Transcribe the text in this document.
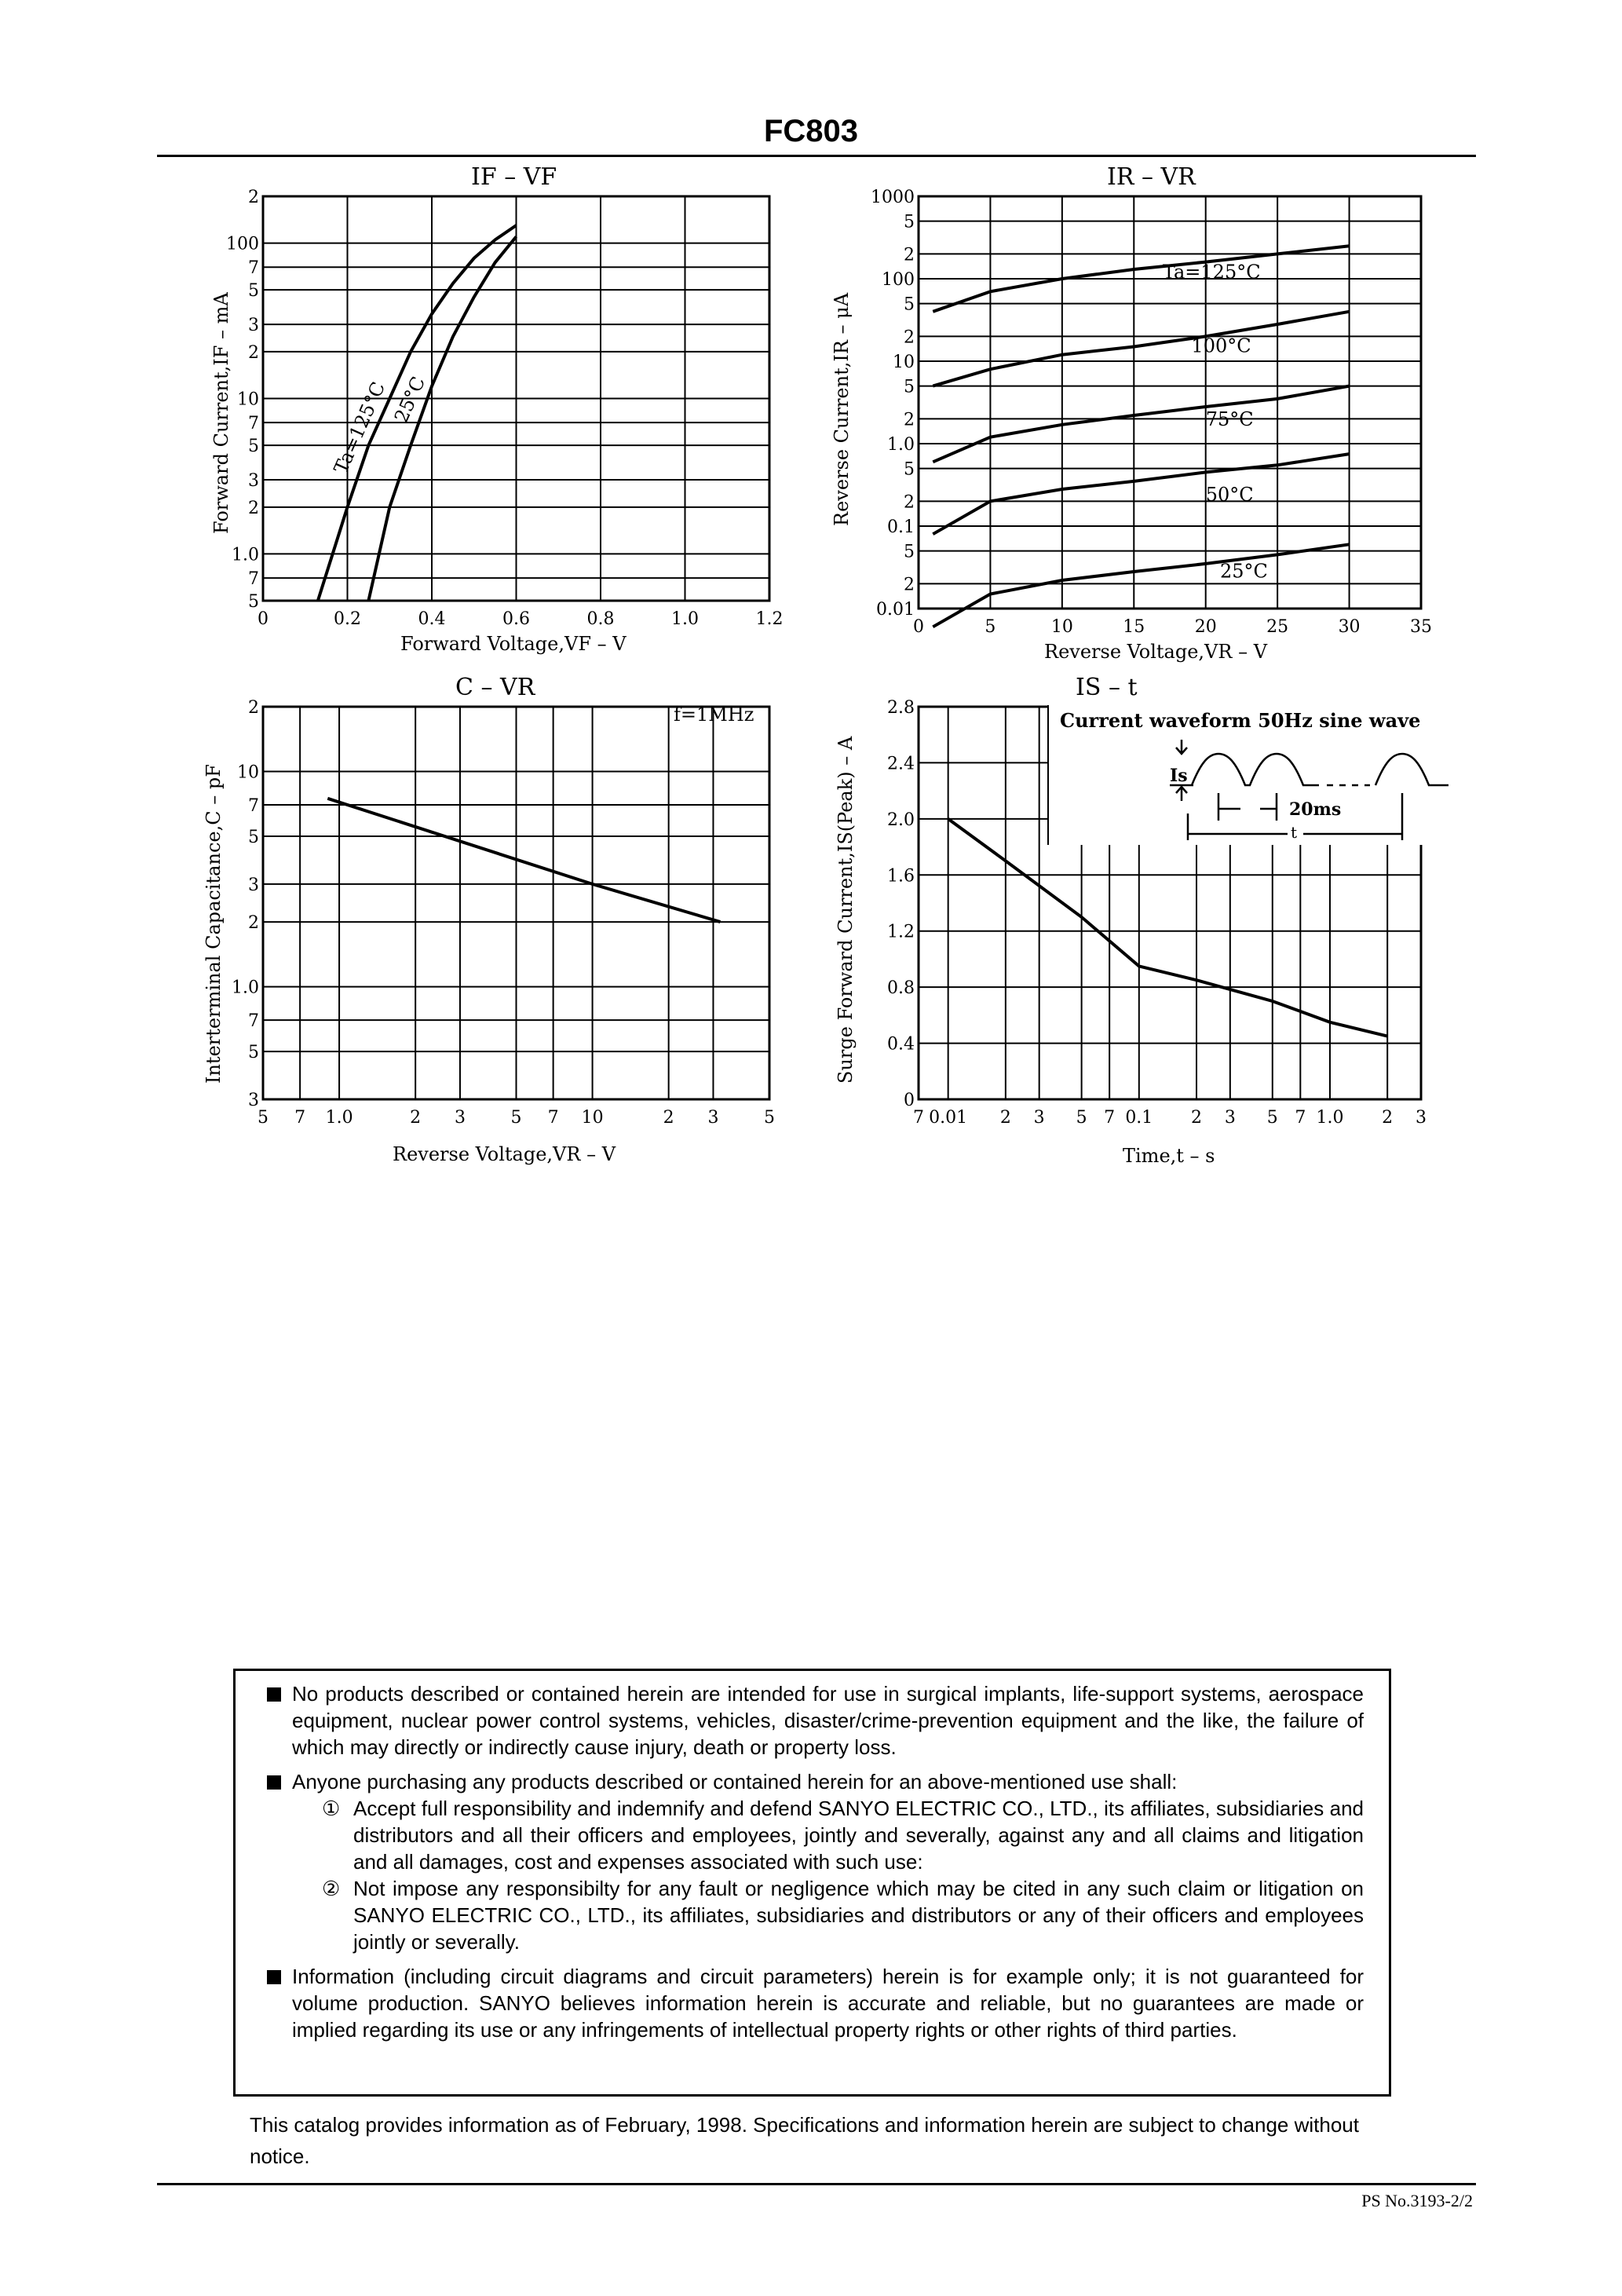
FC803
0	0.2	0.4	0.6	0.8	1.0	1.2
2
100
7
5
3
2
10
7
5
3
2
1.0
7
5
IF – VF
Forward Voltage,VF – V
Forward Current,IF – mA	Ta=125°C 25°C
0	5	10	15	20	25	30	35
1000
5
2
100
5
2
10
5
2
1.0
5
2
0.1
5
2
0.01
IR – VR
Reverse Voltage,VR – V
Reverse Current,IR – μA
Ta=125°C
100°C
75°C
50°C
25°C
5 7 1.0	2 3	5 7 10	2 3	5
2
10
7
5
3
2
1.0
7
5
3
C – VR
Reverse Voltage,VR – V
Interterminal Capacitance,C – pF
f=1MHz
7 0.01 2 3 5 7 0.1 2 3 5 7 1.0 2 3
2.8
2.4
2.0
1.6
1.2
0.8
0.4
0
IS – t
Time,t – s
Surge Forward Current,IS(Peak) – A
Current waveform 50Hz sine wave
Is
20ms
t

No products described or contained herein are intended for use in surgical implants, life-support systems, aerospace equipment, nuclear power control systems, vehicles, disaster/crime-prevention equipment and the like, the failure of which may directly or indirectly cause injury, death or property loss.

Anyone purchasing any products described or contained herein for an above-mentioned use shall:

① Accept full responsibility and indemnify and defend SANYO ELECTRIC CO., LTD., its affiliates, subsidiaries and distributors and all their officers and employees, jointly and severally, against any and all claims and litigation and all damages, cost and expenses associated with such use:

② Not impose any responsibilty for any fault or negligence which may be cited in any such claim or litigation on SANYO ELECTRIC CO., LTD., its affiliates, subsidiaries and distributors or any of their officers and employees jointly or severally.

Information (including circuit diagrams and circuit parameters) herein is for example only; it is not guaranteed for volume production. SANYO believes information herein is accurate and reliable, but no guarantees are made or implied regarding its use or any infringements of intellectual property rights or other rights of third parties.

This catalog provides information as of February, 1998. Specifications and information herein are subject to change without notice.
PS No.3193-2/2
